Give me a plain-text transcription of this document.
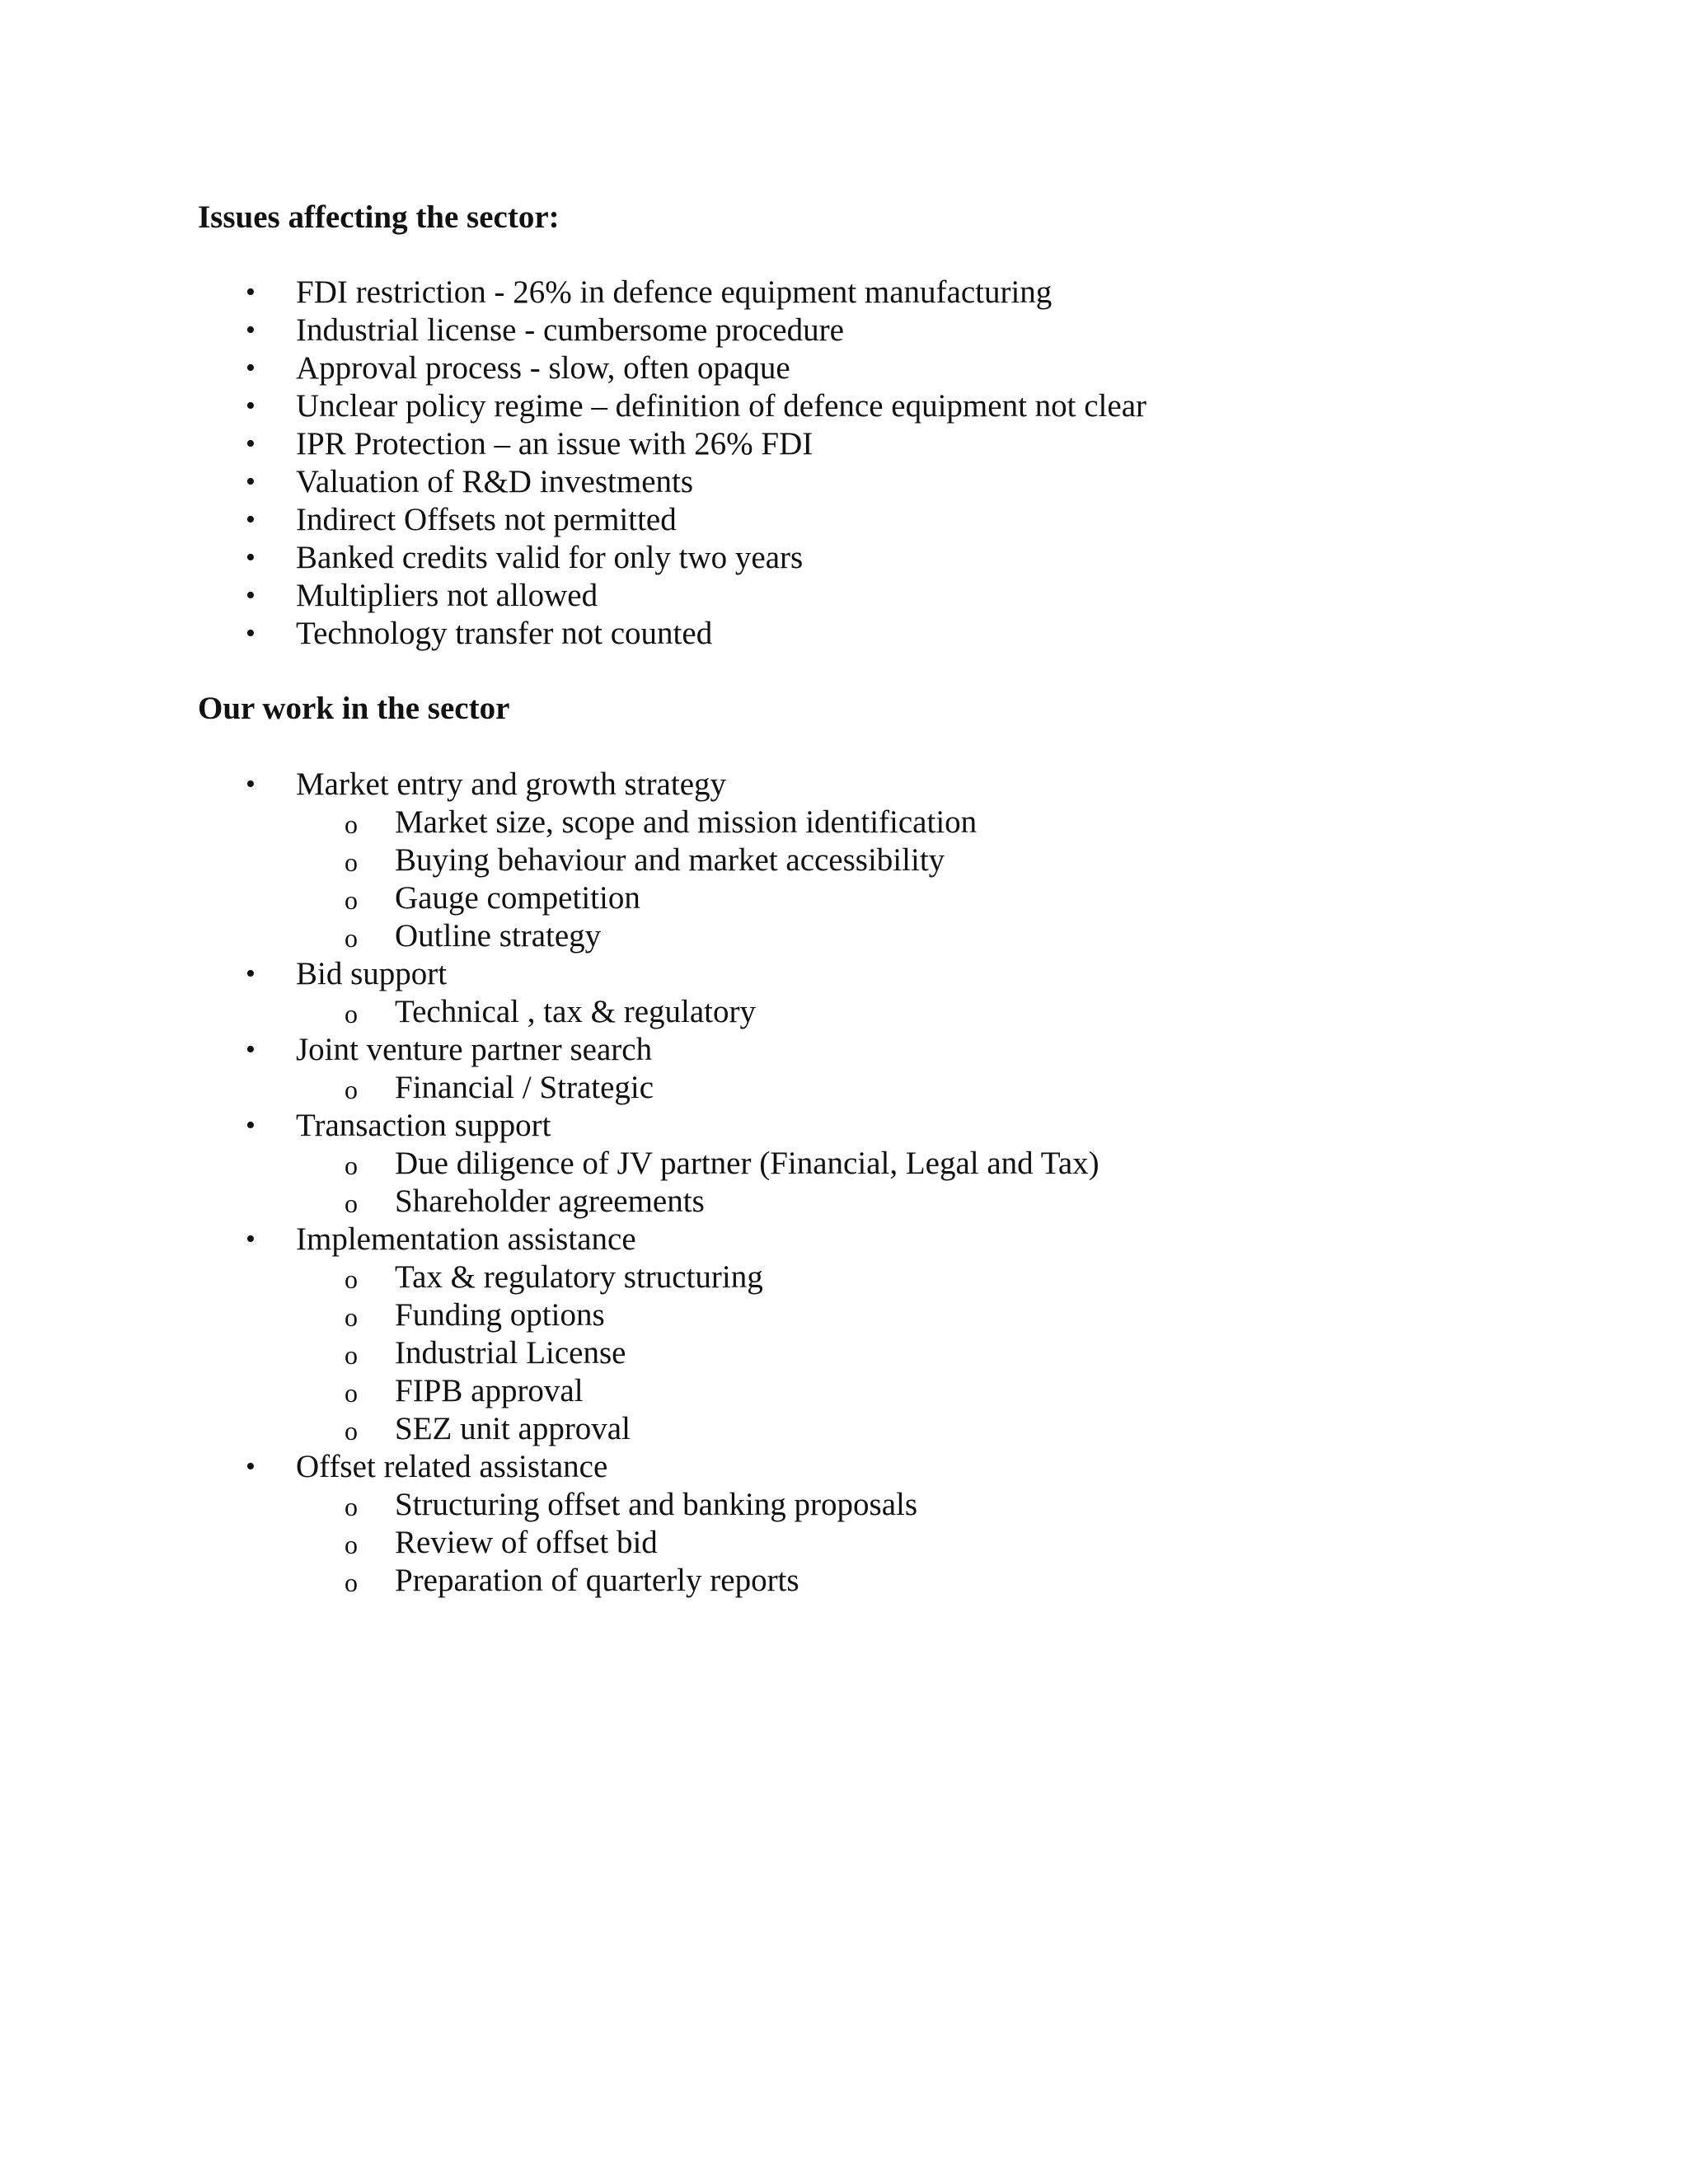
Issues affecting the sector:
• FDI restriction - 26% in defence equipment manufacturing
• Industrial license - cumbersome procedure
• Approval process - slow, often opaque
• Unclear policy regime – definition of defence equipment not clear
• IPR Protection – an issue with 26% FDI
• Valuation of R&D investments
• Indirect Offsets not permitted
• Banked credits valid for only two years
• Multipliers not allowed
• Technology transfer not counted
Our work in the sector
• Market entry and growth strategy
o Market size, scope and mission identification
o Buying behaviour and market accessibility
o Gauge competition
o Outline strategy
• Bid support
o Technical , tax & regulatory
• Joint venture partner search
o Financial / Strategic
• Transaction support
o Due diligence of JV partner (Financial, Legal and Tax)
o Shareholder agreements
• Implementation assistance
o Tax & regulatory structuring
o Funding options
o Industrial License
o FIPB approval
o SEZ unit approval
• Offset related assistance
o Structuring offset and banking proposals
o Review of offset bid
o Preparation of quarterly reports
